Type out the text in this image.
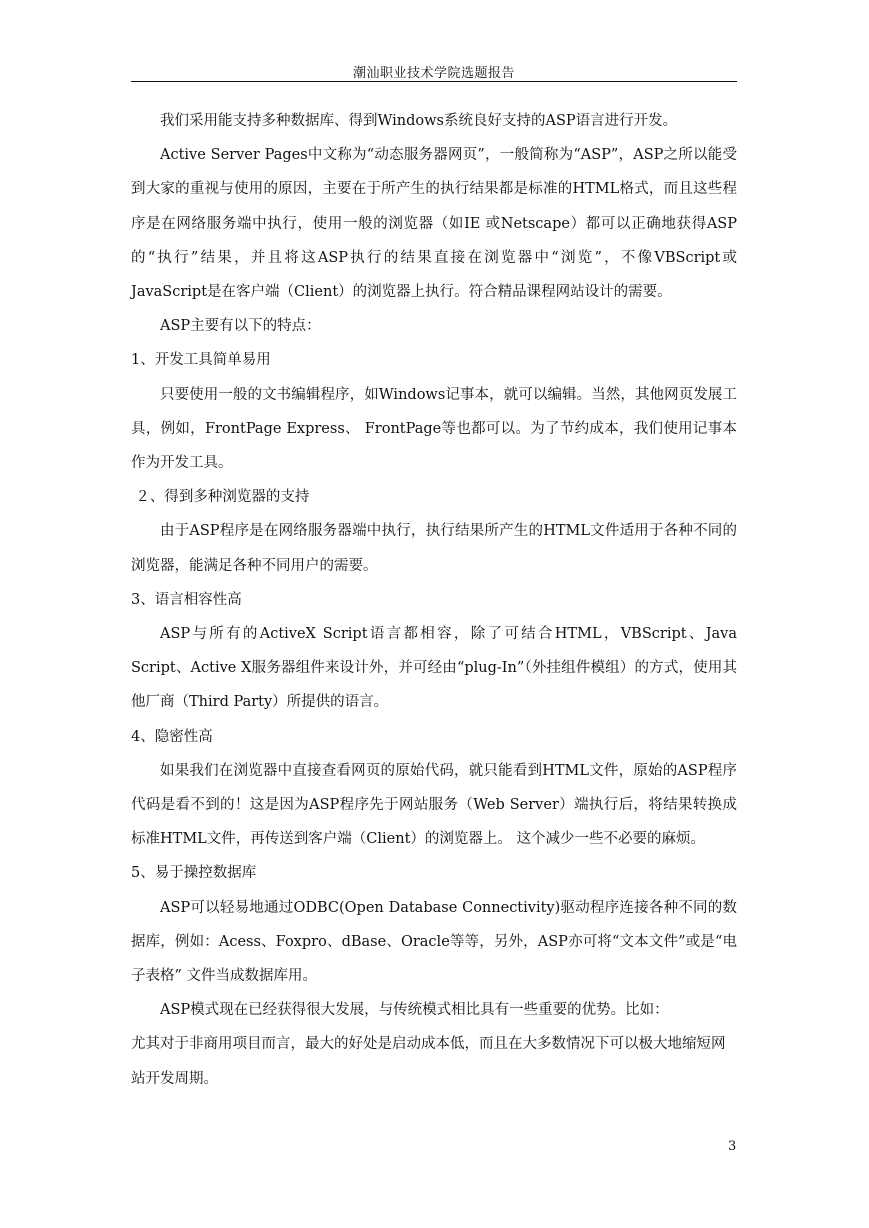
潮汕职业技术学院选题报告

我们采用能支持多种数据库、得到Windows系统良好支持的ASP语言进行开发。

Active Server Pages中文称为“动态服务器网页”，一般简称为“ASP”，ASP之所以能受到大家的重视与使用的原因，主要在于所产生的执行结果都是标准的HTML格式，而且这些程序是在网络服务端中执行，使用一般的浏览器（如IE 或Netscape）都可以正确地获得ASP的“执行”结果，并且将这ASP执行的结果直接在浏览器中“浏览”，不像VBScript或 JavaScript是在客户端（Client）的浏览器上执行。符合精品课程网站设计的需要。

ASP主要有以下的特点：

1、开发工具简单易用

只要使用一般的文书编辑程序，如Windows记事本，就可以编辑。当然，其他网页发展工具，例如，FrontPage Express、 FrontPage等也都可以。为了节约成本，我们使用记事本作为开发工具。

２、得到多种浏览器的支持

由于ASP程序是在网络服务器端中执行，执行结果所产生的HTML文件适用于各种不同的浏览器，能满足各种不同用户的需要。

3、语言相容性高

ASP与所有的ActiveX Script语言都相容，除了可结合HTML，VBScript、Java Script、Active X服务器组件来设计外，并可经由“plug-In”（外挂组件模组）的方式，使用其他厂商（Third Party）所提供的语言。

4、隐密性高

如果我们在浏览器中直接查看网页的原始代码，就只能看到HTML文件，原始的ASP程序代码是看不到的！这是因为ASP程序先于网站服务（Web Server）端执行后，将结果转换成标准HTML文件，再传送到客户端（Client）的浏览器上。 这个减少一些不必要的麻烦。

5、易于操控数据库

ASP可以轻易地通过ODBC(Open Database Connectivity)驱动程序连接各种不同的数据库，例如：Acess、Foxpro、dBase、Oracle等等，另外，ASP亦可将“文本文件”或是“电子表格” 文件当成数据库用。

ASP模式现在已经获得很大发展，与传统模式相比具有一些重要的优势。比如：

尤其对于非商用项目而言，最大的好处是启动成本低，而且在大多数情况下可以极大地缩短网站开发周期。

3
